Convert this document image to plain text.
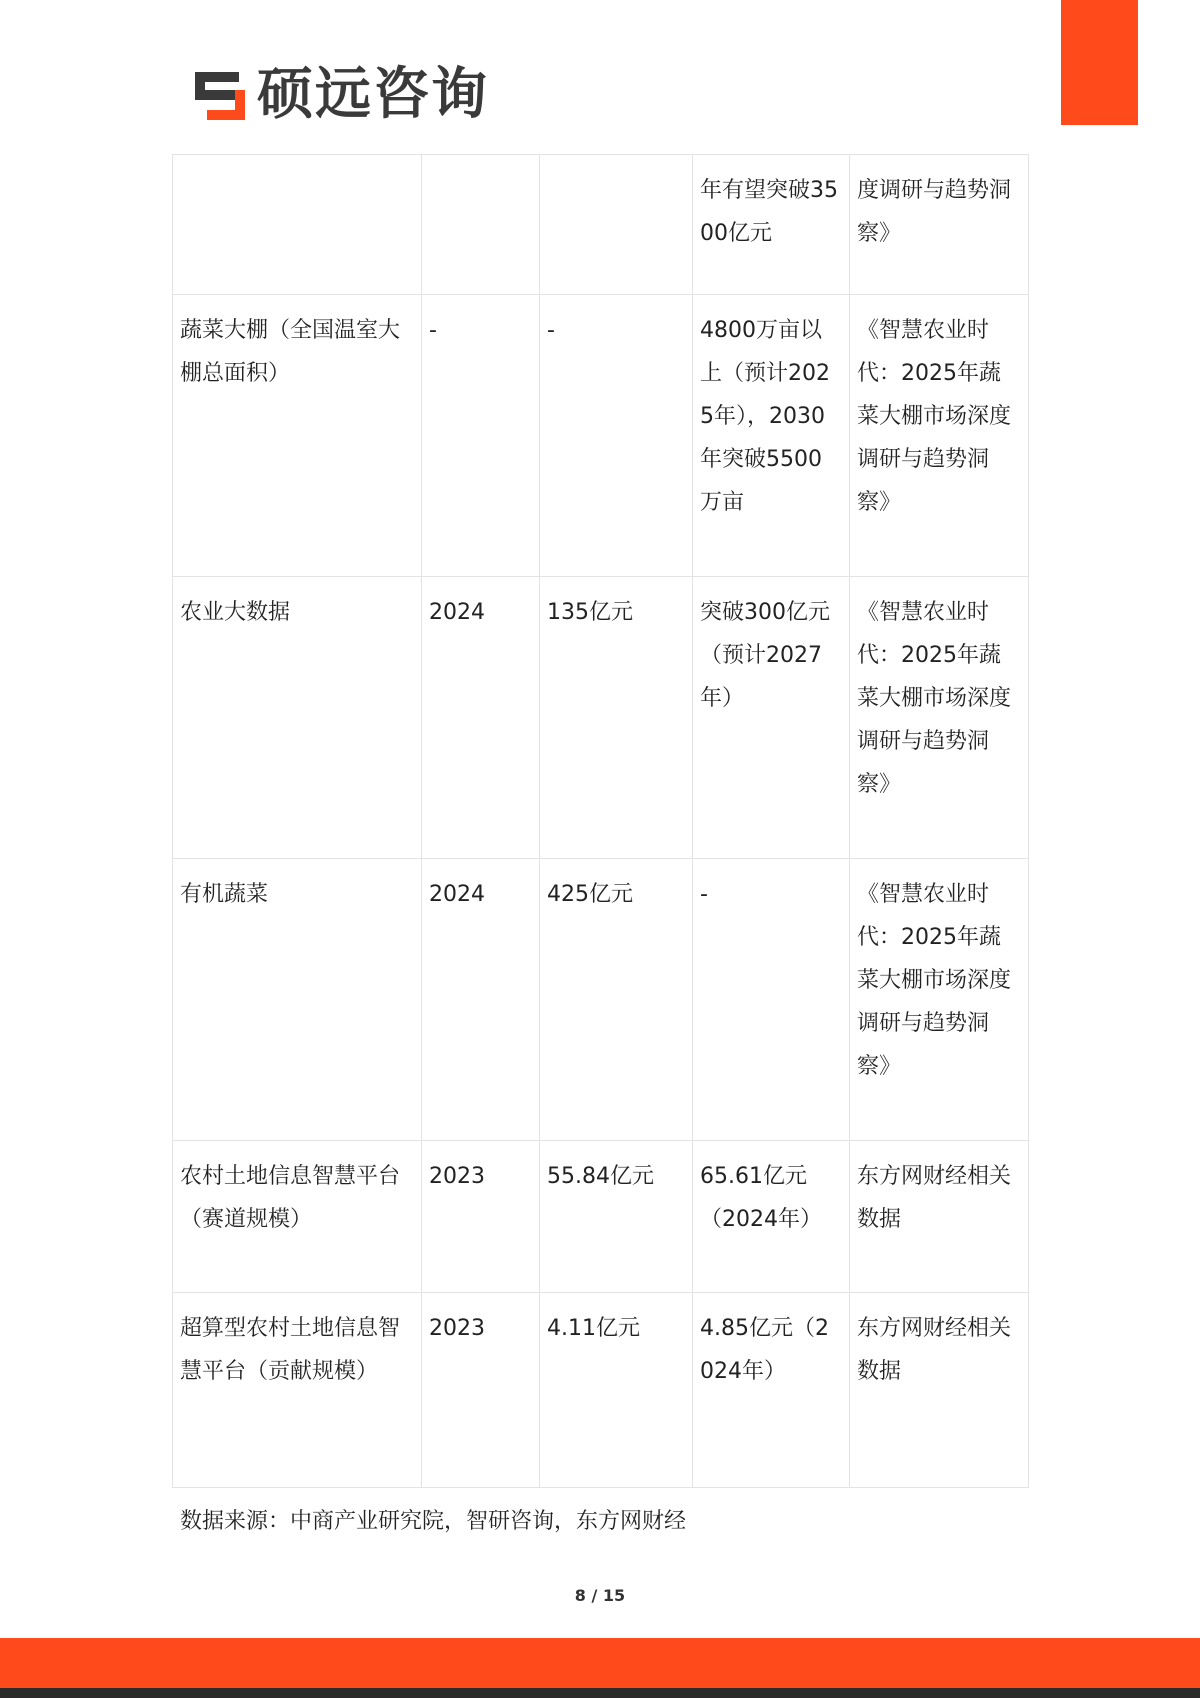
硕远咨询
			年有望突破3500亿元	度调研与趋势洞察》
蔬菜大棚（全国温室大棚总面积）	-	-	4800万亩以上（预计2025年），2030年突破5500万亩	《智慧农业时代：2025年蔬菜大棚市场深度调研与趋势洞察》
农业大数据	2024	135亿元	突破300亿元（预计2027年）	《智慧农业时代：2025年蔬菜大棚市场深度调研与趋势洞察》
有机蔬菜	2024	425亿元	-	《智慧农业时代：2025年蔬菜大棚市场深度调研与趋势洞察》
农村土地信息智慧平台（赛道规模）	2023	55.84亿元	65.61亿元（2024年）	东方网财经相关数据
超算型农村土地信息智慧平台（贡献规模）	2023	4.11亿元	4.85亿元（2024年）	东方网财经相关数据
数据来源：中商产业研究院，智研咨询，东方网财经
8 / 15
